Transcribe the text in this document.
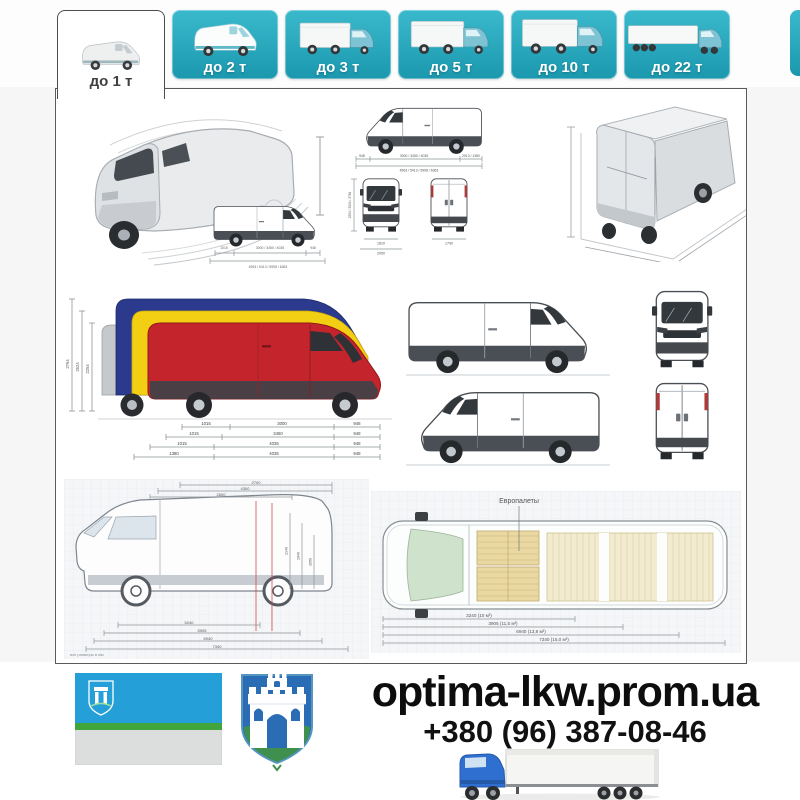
до 1 т
до 2 т	до 3 т	до 5 т	до 10 т	до 22 т
1015	3000 / 3450 / 4035	948
4963 / 5413 / 5998 / 6363
948	3000 / 3450 / 4035	2013 / 1380
4963 / 5413 / 5998 / 6363
2254 / 2524 / 2764
1810
2050
1790
2764 2524 2254
1015	3000	948
1015	3450	948
1015	4035	948
1380	4035	948
2700
4300
2600
2140
1940
1650
5240
5905
6940
7340
все размеры в мм
Европалеты
3240 (10 м³)
3905 (11,5 м³)
6940 (13,8 м³)
7340 (15,0 м³)
optima-lkw.prom.ua
+380 (96) 387-08-46
